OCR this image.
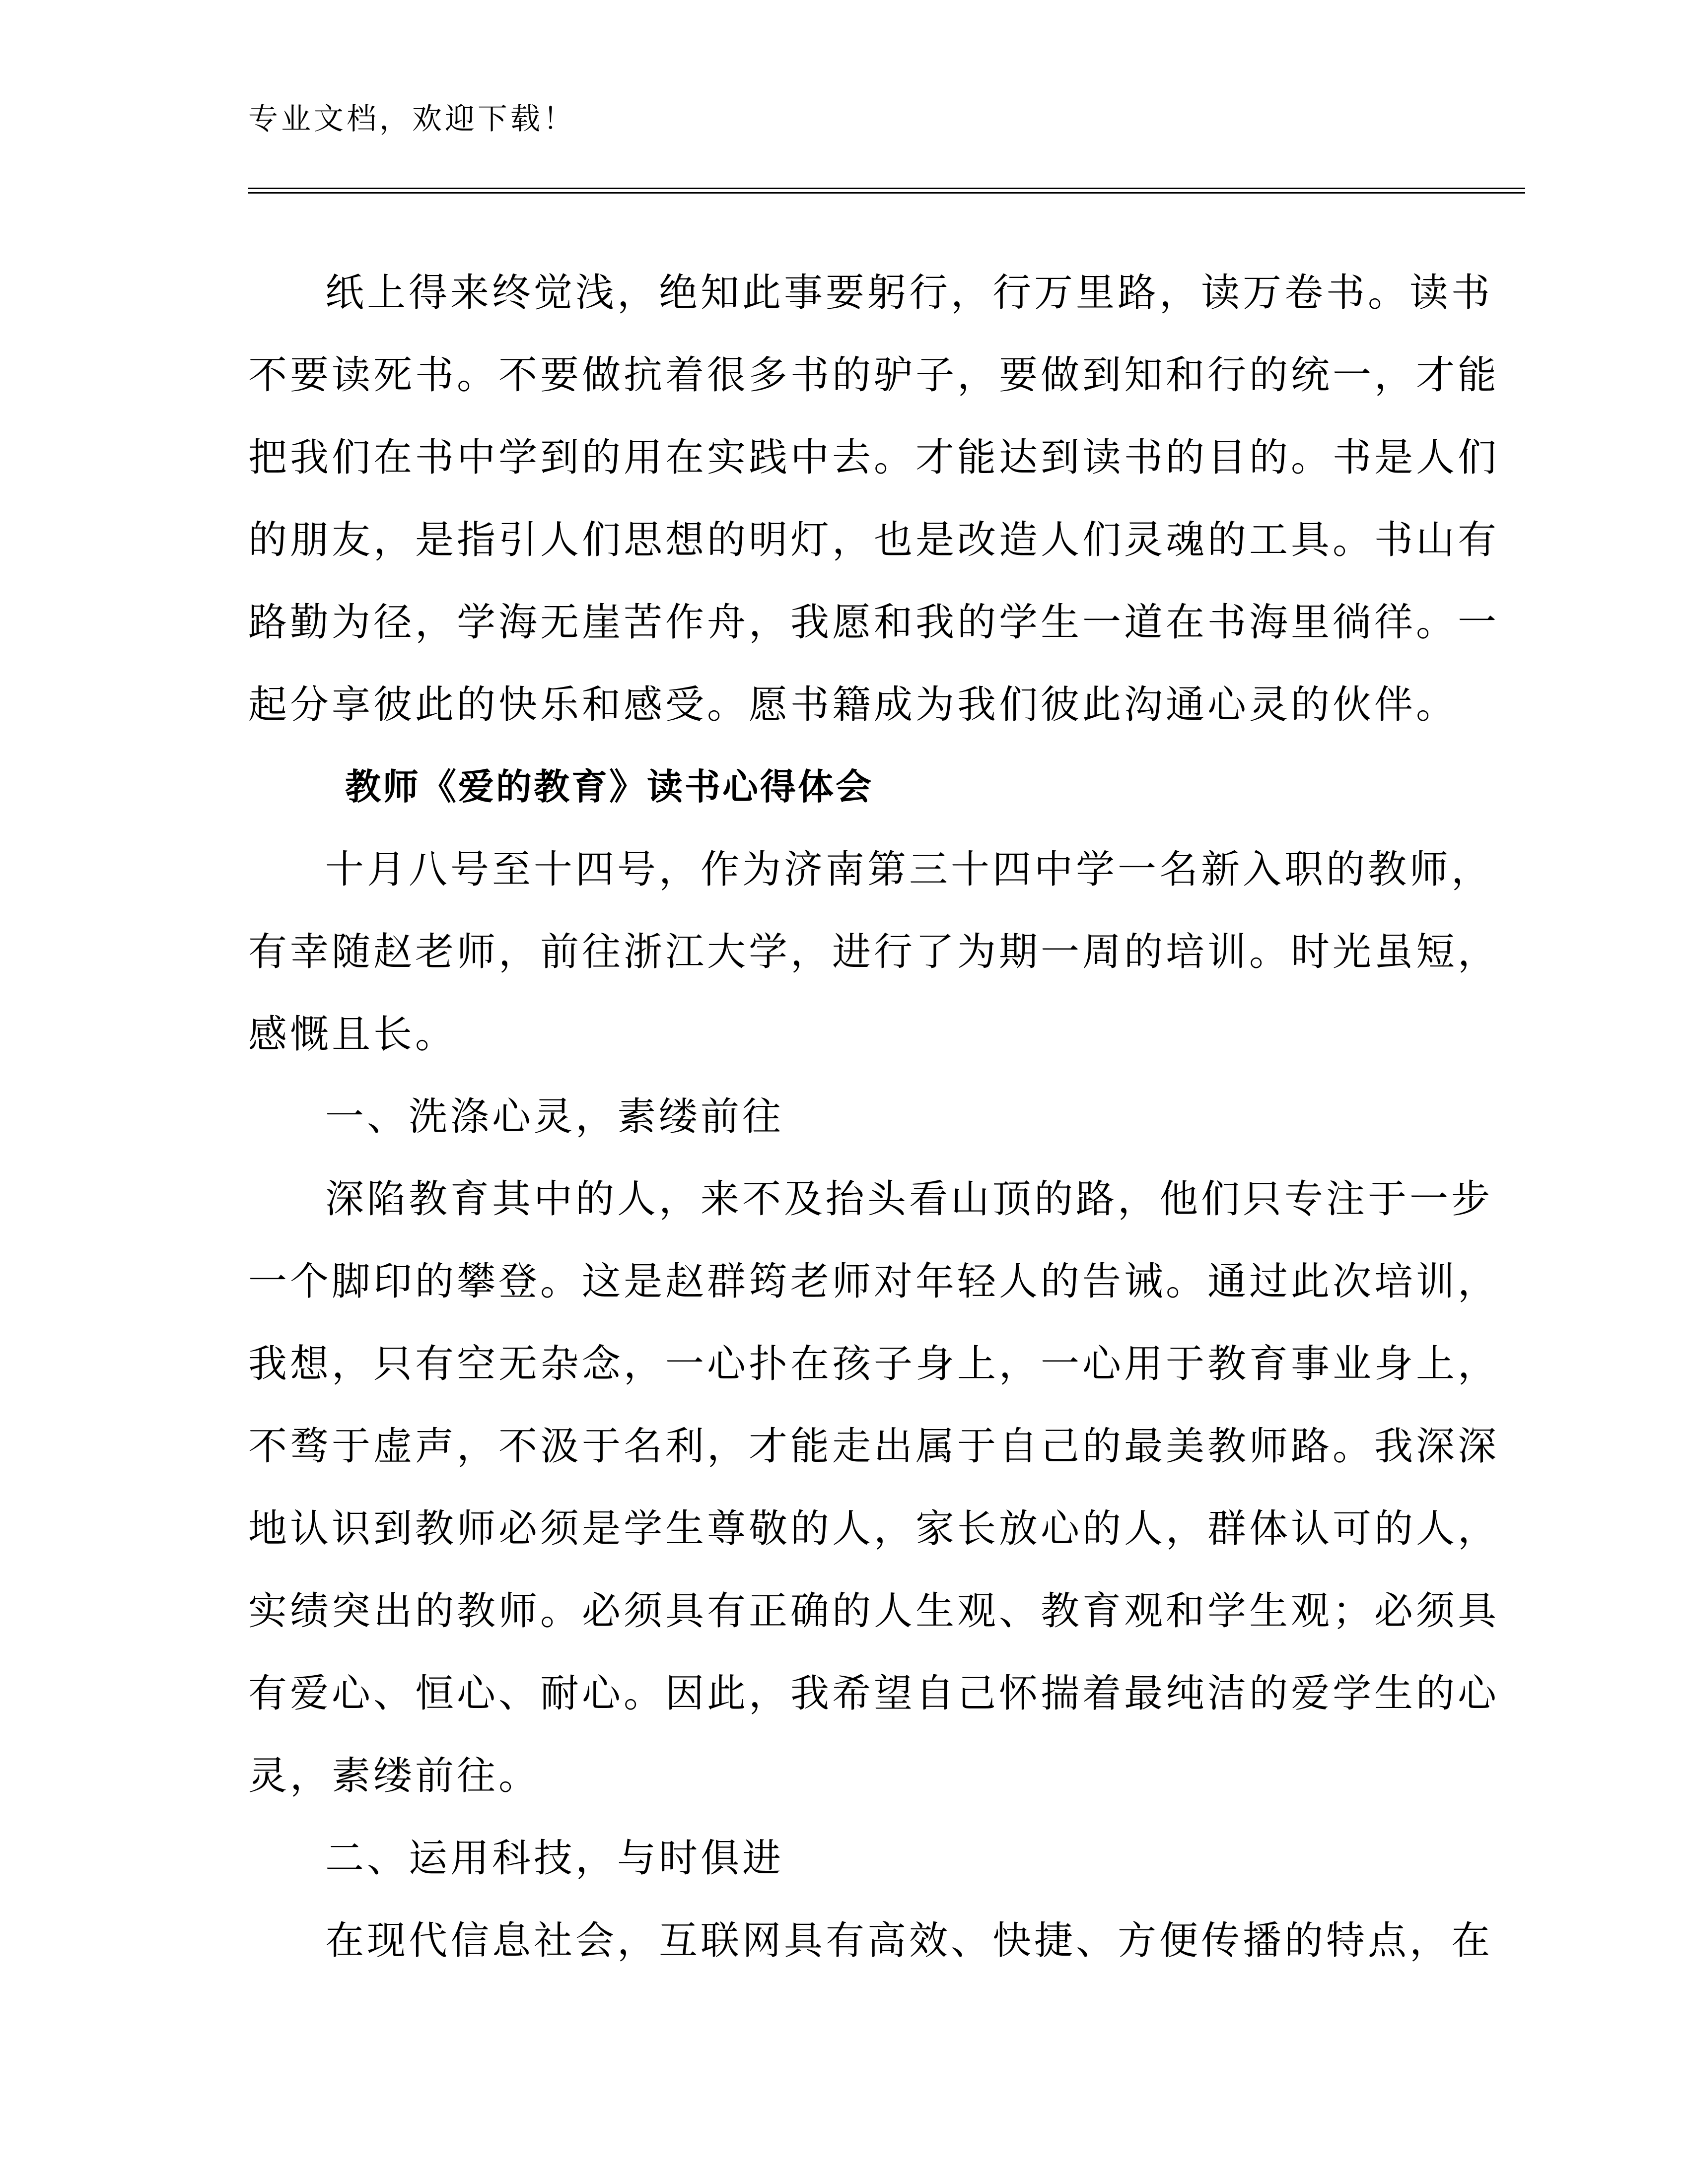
专业文档，欢迎下载！
纸上得来终觉浅，绝知此事要躬行，行万里路，读万卷书。读书
不要读死书。不要做抗着很多书的驴子，要做到知和行的统一，才能
把我们在书中学到的用在实践中去。才能达到读书的目的。书是人们
的朋友，是指引人们思想的明灯，也是改造人们灵魂的工具。书山有
路勤为径，学海无崖苦作舟，我愿和我的学生一道在书海里徜徉。一
起分享彼此的快乐和感受。愿书籍成为我们彼此沟通心灵的伙伴。
教师《爱的教育》读书心得体会
十月八号至十四号，作为济南第三十四中学一名新入职的教师，
有幸随赵老师，前往浙江大学，进行了为期一周的培训。时光虽短，
感慨且长。
一、洗涤心灵，素缕前往
深陷教育其中的人，来不及抬头看山顶的路，他们只专注于一步
一个脚印的攀登。这是赵群筠老师对年轻人的告诫。通过此次培训，
我想，只有空无杂念，一心扑在孩子身上，一心用于教育事业身上，
不骛于虚声，不汲于名利，才能走出属于自己的最美教师路。我深深
地认识到教师必须是学生尊敬的人，家长放心的人，群体认可的人，
实绩突出的教师。必须具有正确的人生观、教育观和学生观；必须具
有爱心、恒心、耐心。因此，我希望自己怀揣着最纯洁的爱学生的心
灵，素缕前往。
二、运用科技，与时俱进
在现代信息社会，互联网具有高效、快捷、方便传播的特点，在
